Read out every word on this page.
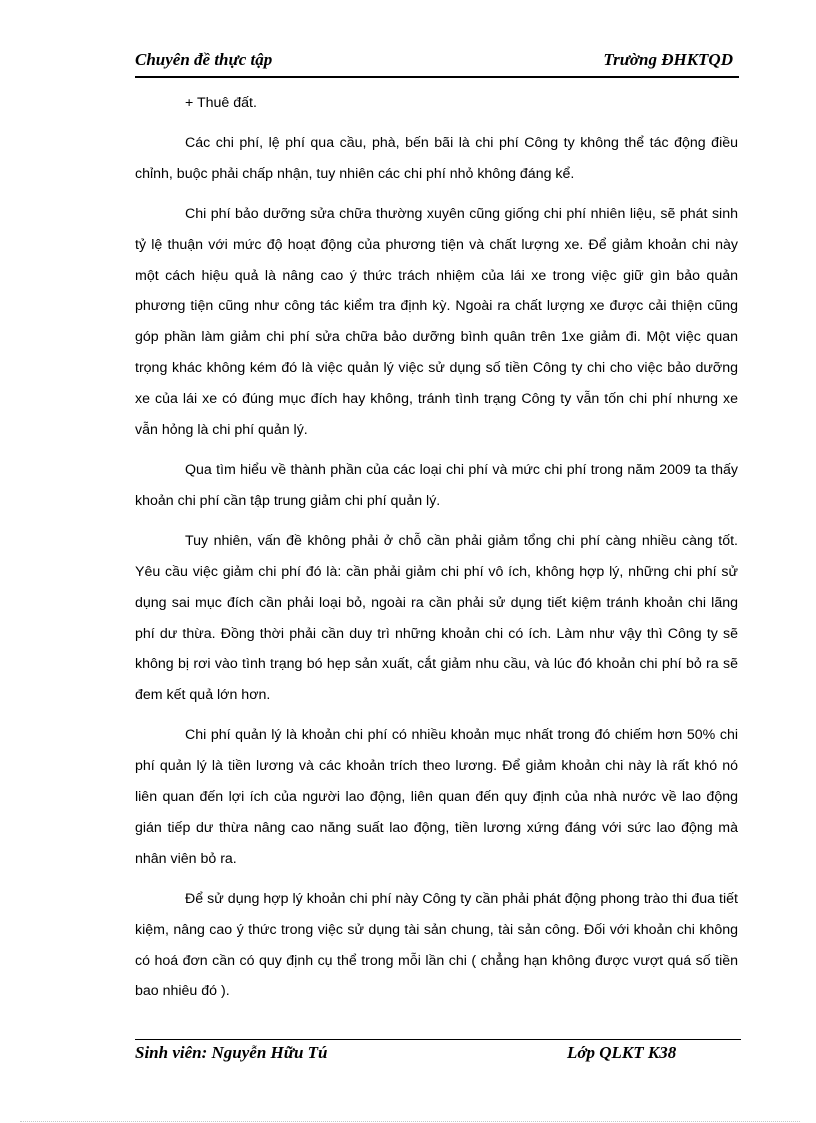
Chuyên đề thực tập	Trường ĐHKTQD

+ Thuê đất.

Các chi phí, lệ phí qua cầu, phà, bến bãi là chi phí Công ty không thể tác động điều chỉnh, buộc phải chấp nhận, tuy nhiên các chi phí nhỏ không đáng kể.

Chi phí bảo dưỡng sửa chữa thường xuyên cũng giống chi phí nhiên liệu, sẽ phát sinh tỷ lệ thuận với mức độ hoạt động của phương tiện và chất lượng xe. Để giảm khoản chi này một cách hiệu quả là nâng cao ý thức trách nhiệm của lái xe trong việc giữ gìn bảo quản phương tiện cũng như công tác kiểm tra định kỳ. Ngoài ra chất lượng xe được cải thiện cũng góp phần làm giảm chi phí sửa chữa bảo dưỡng bình quân trên 1xe giảm đi. Một việc quan trọng khác không kém đó là việc quản lý việc sử dụng số tiền Công ty chi cho việc bảo dưỡng xe của lái xe có đúng mục đích hay không, tránh tình trạng Công ty vẫn tốn chi phí nhưng xe vẫn hỏng là chi phí quản lý.

Qua tìm hiểu về thành phần của các loại chi phí và mức chi phí trong năm 2009 ta thấy khoản chi phí cần tập trung giảm chi phí quản lý.

Tuy nhiên, vấn đề không phải ở chỗ cần phải giảm tổng chi phí càng nhiều càng tốt. Yêu cầu việc giảm chi phí đó là: cần phải giảm chi phí vô ích, không hợp lý, những chi phí sử dụng sai mục đích cần phải loại bỏ, ngoài ra cần phải sử dụng tiết kiệm tránh khoản chi lãng phí dư thừa. Đồng thời phải cần duy trì những khoản chi có ích. Làm như vậy thì Công ty sẽ không bị rơi vào tình trạng bó hẹp sản xuất, cắt giảm nhu cầu, và lúc đó khoản chi phí bỏ ra sẽ đem kết quả lớn hơn.

Chi phí quản lý là khoản chi phí có nhiều khoản mục nhất trong đó chiếm hơn 50% chi phí quản lý là tiền lương và các khoản trích theo lương. Để giảm khoản chi này là rất khó nó liên quan đến lợi ích của người lao động, liên quan đến quy định của nhà nước về lao động gián tiếp dư thừa nâng cao năng suất lao động, tiền lương xứng đáng với sức lao động mà nhân viên bỏ ra.

Để sử dụng hợp lý khoản chi phí này Công ty cần phải phát động phong trào thi đua tiết kiệm, nâng cao ý thức trong việc sử dụng tài sản chung, tài sản công. Đối với khoản chi không có hoá đơn cần có quy định cụ thể trong mỗi lần chi ( chẳng hạn không được vượt quá số tiền bao nhiêu đó ).

Sinh viên: Nguyễn Hữu Tú	Lớp QLKT K38
